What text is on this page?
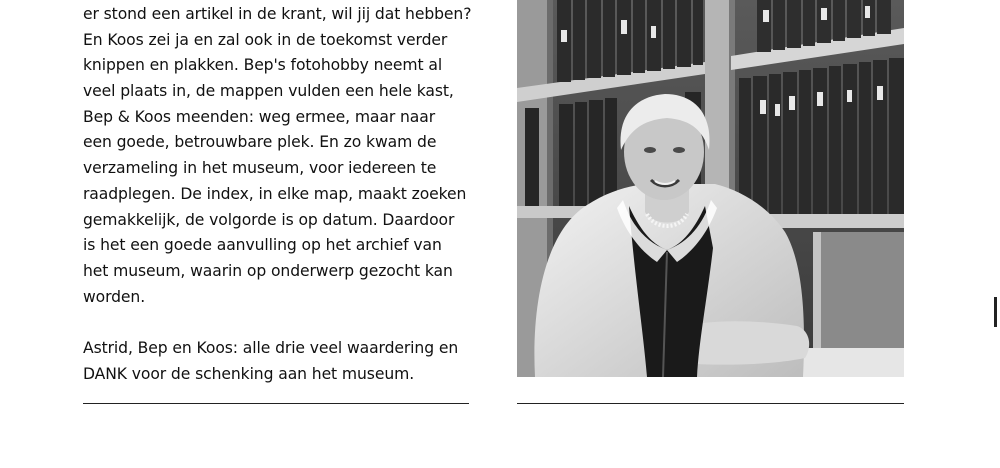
er stond een artikel in de krant, wil jij dat hebben?
En Koos zei ja en zal ook in de toekomst verder
knippen en plakken. Bep's fotohobby neemt al
veel plaats in, de mappen vulden een hele kast,
Bep & Koos meenden: weg ermee, maar naar
een goede, betrouwbare plek. En zo kwam de
verzameling in het museum, voor iedereen te
raadplegen. De index, in elke map, maakt zoeken
gemakkelijk, de volgorde is op datum. Daardoor
is het een goede aanvulling op het archief van
het museum, waarin op onderwerp gezocht kan
worden.
Astrid, Bep en Koos: alle drie veel waardering en
DANK voor de schenking aan het museum.
